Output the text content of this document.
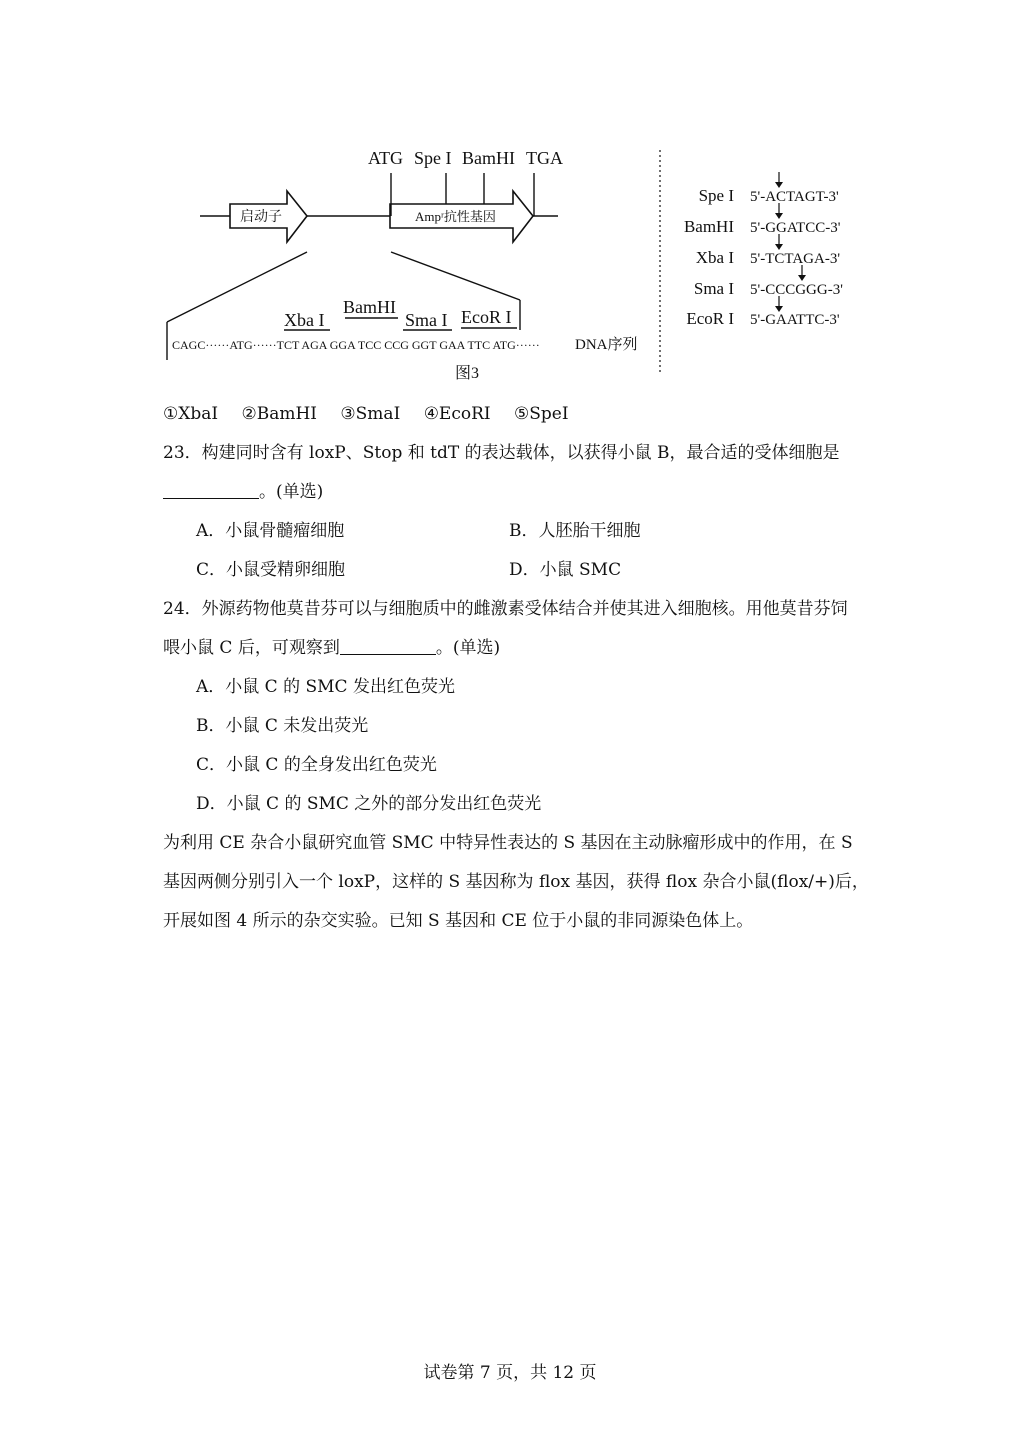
启动子	Ampʳ抗性基因
ATG Spe I BamHI TGA
Xba I
BamHI
Sma I EcoR I
CAGC······ATG······TCT AGA GGA TCC CCG GGT GAA TTC ATG······ DNA序列
图3
Spe I 5'-ACTAGT-3'
BamHI 5'-GGATCC-3'
Xba I 5'-TCTAGA-3'
Sma I 5'-CCCGGG-3'
EcoR I 5'-GAATTC-3'
①XbaI ②BamHI ③SmaI ④EcoRI ⑤SpeI
23．构建同时含有 loxP、Stop 和 tdT 的表达载体，以获得小鼠 B，最合适的受体细胞是
。(单选)
A．小鼠骨髓瘤细胞	B．人胚胎干细胞
C．小鼠受精卵细胞	D．小鼠 SMC
24．外源药物他莫昔芬可以与细胞质中的雌激素受体结合并使其进入细胞核。用他莫昔芬饲
喂小鼠 C 后，可观察到	。(单选)
A．小鼠 C 的 SMC 发出红色荧光
B．小鼠 C 未发出荧光
C．小鼠 C 的全身发出红色荧光
D．小鼠 C 的 SMC 之外的部分发出红色荧光
为利用 CE 杂合小鼠研究血管 SMC 中特异性表达的 S 基因在主动脉瘤形成中的作用，在 S
基因两侧分别引入一个 loxP，这样的 S 基因称为 flox 基因，获得 flox 杂合小鼠(flox/+)后，
开展如图 4 所示的杂交实验。已知 S 基因和 CE 位于小鼠的非同源染色体上。
试卷第 7 页，共 12 页
